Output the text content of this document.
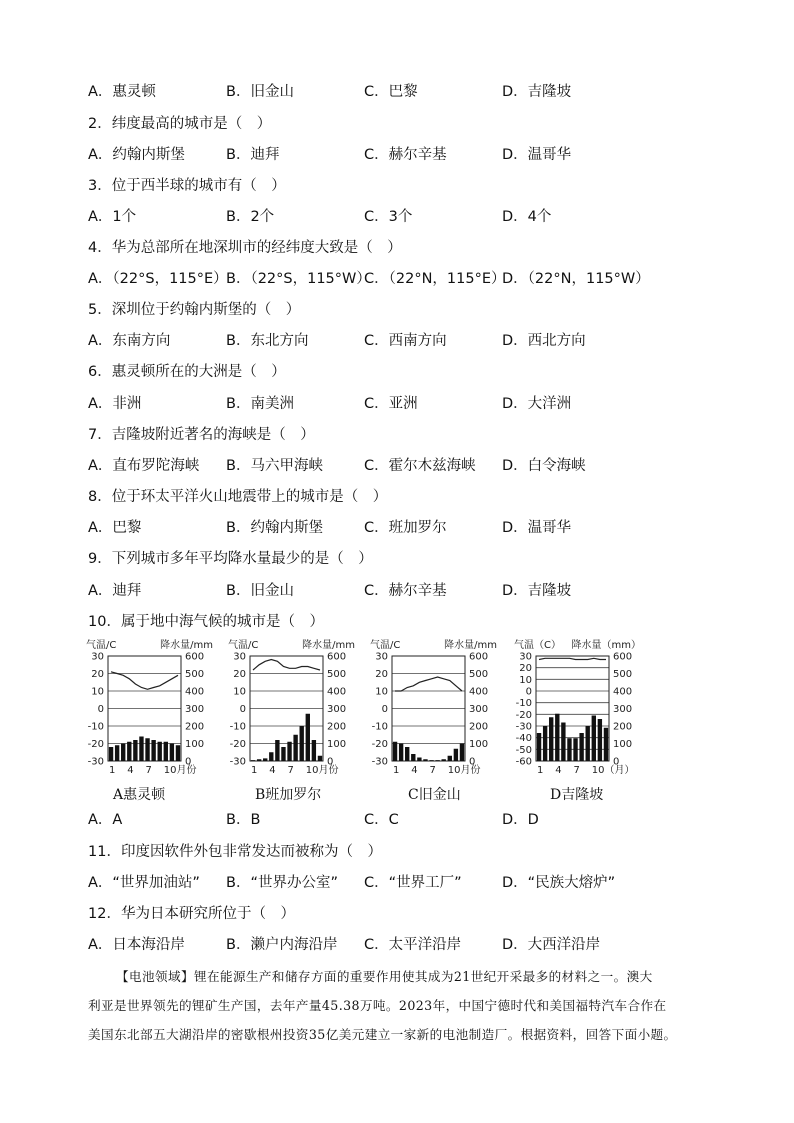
A．惠灵顿	B．旧金山	C．巴黎	D．吉隆坡
2．纬度最高的城市是（　）
A．约翰内斯堡	B．迪拜	C．赫尔辛基	D．温哥华
3．位于西半球的城市有（　）
A．1个	B．2个	C．3个	D．4个
4．华为总部所在地深圳市的经纬度大致是（　）
A．（22°S，115°E）
B．（22°S，115°W）
C．（22°N，115°E）
D．（22°N，115°W）
5．深圳位于约翰内斯堡的（　）
A．东南方向	B．东北方向	C．西南方向	D．西北方向
6．惠灵顿所在的大洲是（　）
A．非洲	B．南美洲	C．亚洲	D．大洋洲
7．吉隆坡附近著名的海峡是（　）
A．直布罗陀海峡 B．马六甲海峡	C．霍尔木兹海峡 D．白令海峡
8．位于环太平洋火山地震带上的城市是（　）
A．巴黎	B．约翰内斯堡	C．班加罗尔	D．温哥华
9．下列城市多年平均降水量最少的是（　）
A．迪拜	B．旧金山	C．赫尔辛基	D．吉隆坡
10．属于地中海气候的城市是（　）
A．A	B．B	C．C	D．D
11．印度因软件外包非常发达而被称为（　）
A．“世界加油站” B．“世界办公室” C．“世界工厂”	D．“民族大熔炉”
12．华为日本研究所位于（　）
A．日本海沿岸	B．濑户内海沿岸 C．太平洋沿岸	D．大西洋沿岸
气温/C	降水量/mm
30
20
10
0
-10
-20
-30
600
500
400
300
200
100
0
1 4 7 10月份
气温/C	降水量/mm
30
20
10
0
-10
-20
-30
600
500
400
300
200
100
0
1 4 7 10月份
气温/C	降水量/mm
30
20
10
0
-10
-20
-30
600
500
400
300
200
100
0
1 4 7 10月份
气温（C） 降水量（mm）
30
20
10
0
-10
-20
-30
-40
-50
-60
600
500
400
300
200
100
0
1 4 7 10（月）
A惠灵顿	B班加罗尔	C旧金山	D吉隆坡

【电池领域】锂在能源生产和储存方面的重要作用使其成为21世纪开采最多的材料之一。澳大

利亚是世界领先的锂矿生产国，去年产量45.38万吨。2023年，中国宁德时代和美国福特汽车合作在

美国东北部五大湖沿岸的密歇根州投资35亿美元建立一家新的电池制造厂。根据资料，回答下面小题。
